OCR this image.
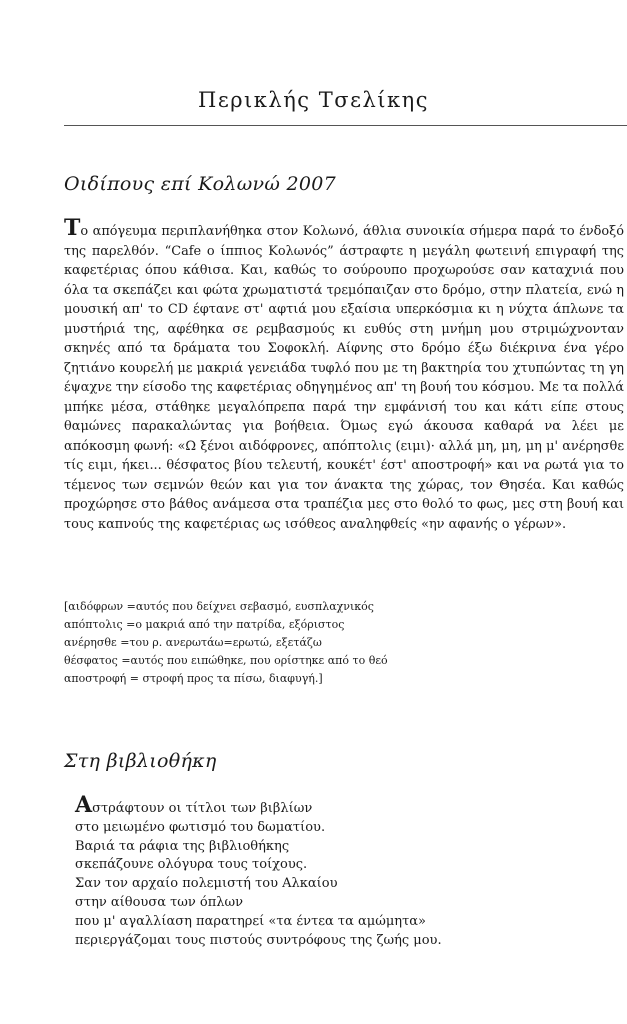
Περικλής Τσελίκης
Οιδίπους επί Κολωνώ 2007

Το απόγευμα περιπλανήθηκα στον Κολωνό, άθλια συνοικία σήμερα παρά το ένδοξό της παρελθόν. “Cafe ο ίππιος Κολωνός” άστραφτε η μεγάλη φωτεινή επιγραφή της καφετέριας όπου κάθισα. Και, καθώς το σούρουπο προχωρούσε σαν καταχνιά που όλα τα σκεπάζει και φώτα χρωματιστά τρεμόπαιζαν στο δρόμο, στην πλατεία, ενώ η μουσική απ' το CD έφτανε στ' αφτιά μου εξαίσια υπερκόσμια κι η νύχτα άπλωνε τα μυστήριά της, αφέθηκα σε ρεμβασμούς κι ευθύς στη μνήμη μου στριμώχνονταν σκηνές από τα δράματα του Σοφοκλή. Αίφνης στο δρόμο έξω διέκρινα ένα γέρο ζητιάνο κουρελή με μακριά γενειάδα τυφλό που με τη βακτηρία του χτυπώντας τη γη έψαχνε την είσοδο της καφετέριας οδηγημένος απ' τη βουή του κόσμου. Με τα πολλά μπήκε μέσα, στάθηκε μεγαλόπρεπα παρά την εμφάνισή του και κάτι είπε στους θαμώνες παρακαλώντας για βοήθεια. Όμως εγώ άκουσα καθαρά να λέει με απόκοσμη φωνή: «Ω ξένοι αιδόφρονες, απόπτολις (ειμι)· αλλά μη, μη, μη μ' ανέρησθε τίς ειμι, ήκει... θέσφατος βίου τελευτή, κουκέτ' έστ' αποστροφή» και να ρωτά για το τέμενος των σεμνών θεών και για τον άνακτα της χώρας, τον Θησέα. Και καθώς προχώρησε στο βάθος ανάμεσα στα τραπέζια μες στο θολό το φως, μες στη βουή και τους καπνούς της καφετέριας ως ισόθεος αναληφθείς «ην αφανής ο γέρων».

[αιδόφρων =αυτός που δείχνει σεβασμό, ευσπλαχνικός
απόπτολις =ο μακριά από την πατρίδα, εξόριστος
ανέρησθε =του ρ. ανερωτάω=ερωτώ, εξετάζω
θέσφατος =αυτός που ειπώθηκε, που ορίστηκε από το θεό
αποστροφή = στροφή προς τα πίσω, διαφυγή.]
Στη βιβλιοθήκη
Αστράφτουν οι τίτλοι των βιβλίων
στο μειωμένο φωτισμό του δωματίου.
Βαριά τα ράφια της βιβλιοθήκης
σκεπάζουνε ολόγυρα τους τοίχους.
Σαν τον αρχαίο πολεμιστή του Αλκαίου
στην αίθουσα των όπλων
που μ' αγαλλίαση παρατηρεί «τα έντεα τα αμώμητα»
περιεργάζομαι τους πιστούς συντρόφους της ζωής μου.
